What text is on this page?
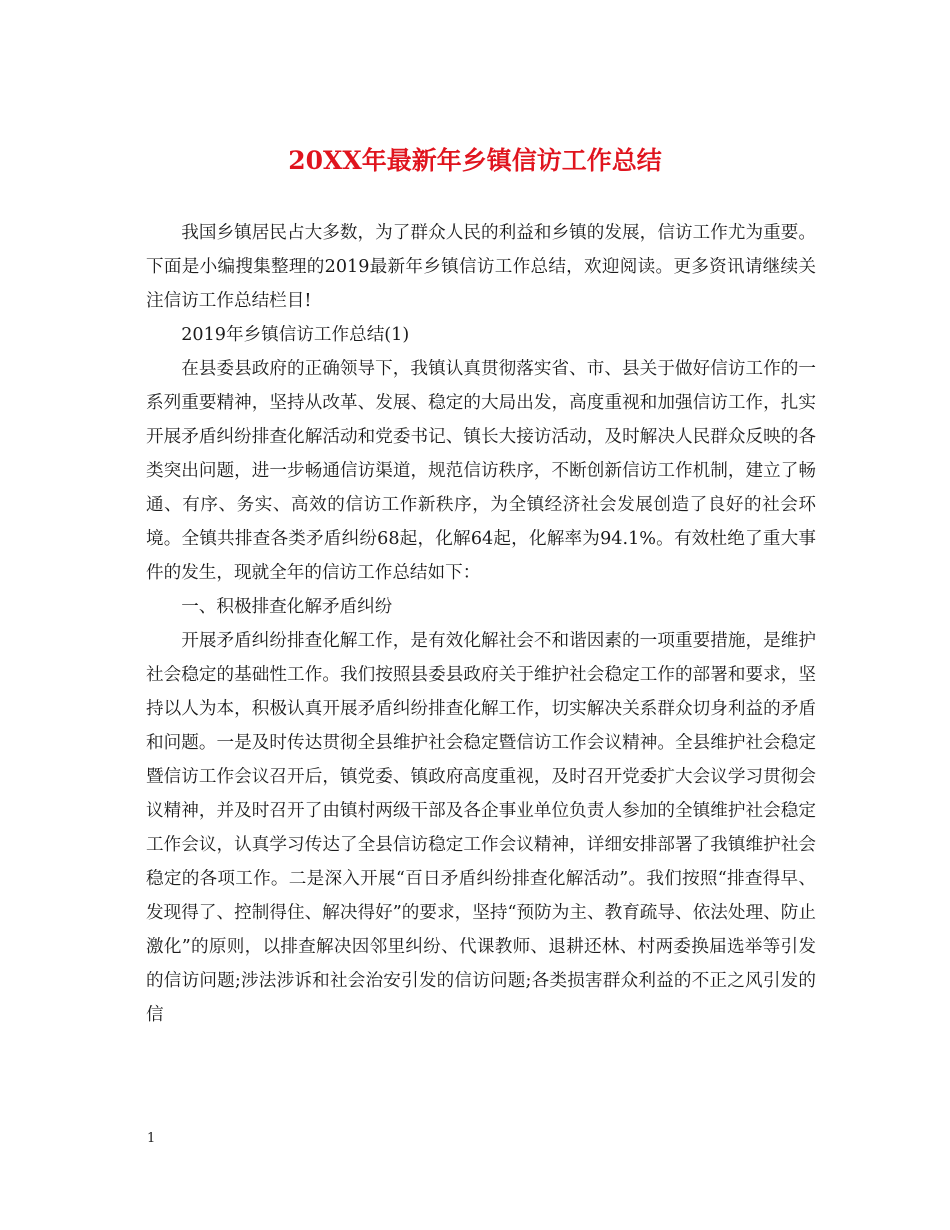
20XX年最新年乡镇信访工作总结

我国乡镇居民占大多数，为了群众人民的利益和乡镇的发展，信访工作尤为重要。下面是小编搜集整理的2019最新年乡镇信访工作总结，欢迎阅读。更多资讯请继续关注信访工作总结栏目!

2019年乡镇信访工作总结(1)

在县委县政府的正确领导下，我镇认真贯彻落实省、市、县关于做好信访工作的一系列重要精神，坚持从改革、发展、稳定的大局出发，高度重视和加强信访工作，扎实开展矛盾纠纷排查化解活动和党委书记、镇长大接访活动，及时解决人民群众反映的各类突出问题，进一步畅通信访渠道，规范信访秩序，不断创新信访工作机制，建立了畅通、有序、务实、高效的信访工作新秩序，为全镇经济社会发展创造了良好的社会环境。全镇共排查各类矛盾纠纷68起，化解64起，化解率为94.1%。有效杜绝了重大事件的发生，现就全年的信访工作总结如下：

一、积极排查化解矛盾纠纷

开展矛盾纠纷排查化解工作，是有效化解社会不和谐因素的一项重要措施，是维护社会稳定的基础性工作。我们按照县委县政府关于维护社会稳定工作的部署和要求，坚持以人为本，积极认真开展矛盾纠纷排查化解工作，切实解决关系群众切身利益的矛盾和问题。一是及时传达贯彻全县维护社会稳定暨信访工作会议精神。全县维护社会稳定暨信访工作会议召开后，镇党委、镇政府高度重视，及时召开党委扩大会议学习贯彻会议精神，并及时召开了由镇村两级干部及各企事业单位负责人参加的全镇维护社会稳定工作会议，认真学习传达了全县信访稳定工作会议精神，详细安排部署了我镇维护社会稳定的各项工作。二是深入开展“百日矛盾纠纷排查化解活动”。我们按照“排查得早、发现得了、控制得住、解决得好”的要求，坚持“预防为主、教育疏导、依法处理、防止激化”的原则，以排查解决因邻里纠纷、代课教师、退耕还林、村两委换届选举等引发的信访问题;涉法涉诉和社会治安引发的信访问题;各类损害群众利益的不正之风引发的信

1
